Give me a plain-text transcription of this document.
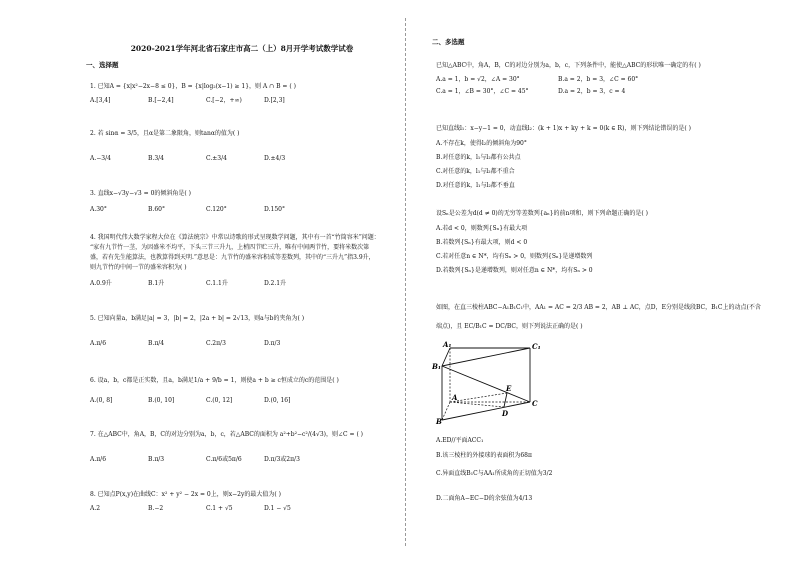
2020-2021学年河北省石家庄市高二（上）8月开学考试数学试卷
一、选择题
1. 已知A = {x|x²−2x−8 ≤ 0}，B = {x|log₂(x−1) ≥ 1}，则 A ∩ B = ( )
A.[3,4]	B.[−2,4]	C.[−2，+∞)	D.[2,3]
2. 若 sinα = 3/5，且α是第二象限角，则tanα的值为( )
A.−3/4	B.3/4	C.±3/4	D.±4/3
3. 直线x−√3y−√3 = 0的倾斜角是( )
A.30°	B.60°	C.120°	D.150°
4. 我国明代伟大数学家程大位在《算法统宗》中常以诗歌的形式呈现数学问题，其中有一首“竹筒容米”问题：
“家有九节竹一茎，为因盛米不均平，下头三节三升九，上梢四节贮三升，唯有中间两节竹，要将米数次第
盛，若有先生能算法，也教算得到天明.”意思是：九节竹的盛米容积成等差数列，其中的“三升九”指3.9升，
则九节竹的中间一节的盛米容积为( )
A.0.9升	B.1升	C.1.1升	D.2.1升
5. 已知向量a，b满足|a| = 3，|b| = 2，|2a + b| = 2√13，则a与b的夹角为( )
A.π/6	B.π/4	C.2π/3	D.π/3
6. 设a，b，c都是正实数，且a，b满足1/a + 9/b = 1，则使a + b ≥ c恒成立的c的范围是( )
A.(0, 8]	B.(0, 10]	C.(0, 12]	D.(0, 16]
7. 在△ABC中，角A，B，C的对边分别为a，b，c，若△ABC的面积为 a²+b²−c²/(4√3)，则∠C = ( )
A.π/6	B.π/3	C.π/6或5π/6	D.π/3或2π/3
8. 已知点P(x,y)在曲线C：x² + y² − 2x = 0上，则x−2y的最大值为( )
A.2	B.−2	C.1 + √5	D.1 − √5
二、多选题
已知△ABC中，角A，B，C的对边分别为a，b，c，下列条件中，能使△ABC的形状唯一确定的有( )
A.a = 1，b = √2，∠A = 30°	B.a = 2，b = 3，∠C = 60°
C.a = 1，∠B = 30°，∠C = 45°	D.a = 2，b = 3，c = 4
已知直线l₁：x−y−1 = 0，动直线l₂：(k + 1)x + ky + k = 0(k ∈ R)，则下列结论错误的是( )
A.不存在k，使得l₂的倾斜角为90°
B.对任意的k，l₁与l₂都有公共点
C.对任意的k，l₁与l₂都不重合
D.对任意的k，l₁与l₂都不垂直
设Sₙ是公差为d(d ≠ 0)的无穷等差数列{aₙ}的前n项和，则下列命题正确的是( )
A.若d < 0，则数列{Sₙ}有最大项
B.若数列{Sₙ}有最大项，则d < 0
C.若对任意n ∈ N*，均有Sₙ > 0，则数列{Sₙ}是递增数列
D.若数列{Sₙ}是递增数列，则对任意n ∈ N*，均有Sₙ > 0
如图，在直三棱柱ABC−A₁B₁C₁中，AA₁ = AC = 2/3 AB = 2，AB ⊥ AC，点D，E分别是线段BC，B₁C上的动点(不含
端点)，且 EC/B₁C = DC/BC，则下列说法正确的是( )
A₁	C₁
B₁
A
E
C
B
D
A.ED//平面ACC₁
B.该三棱柱的外接球的表面积为68π
C.异面直线B₁C与AA₁所成角的正切值为3/2
D.二面角A−EC−D的余弦值为4/13
